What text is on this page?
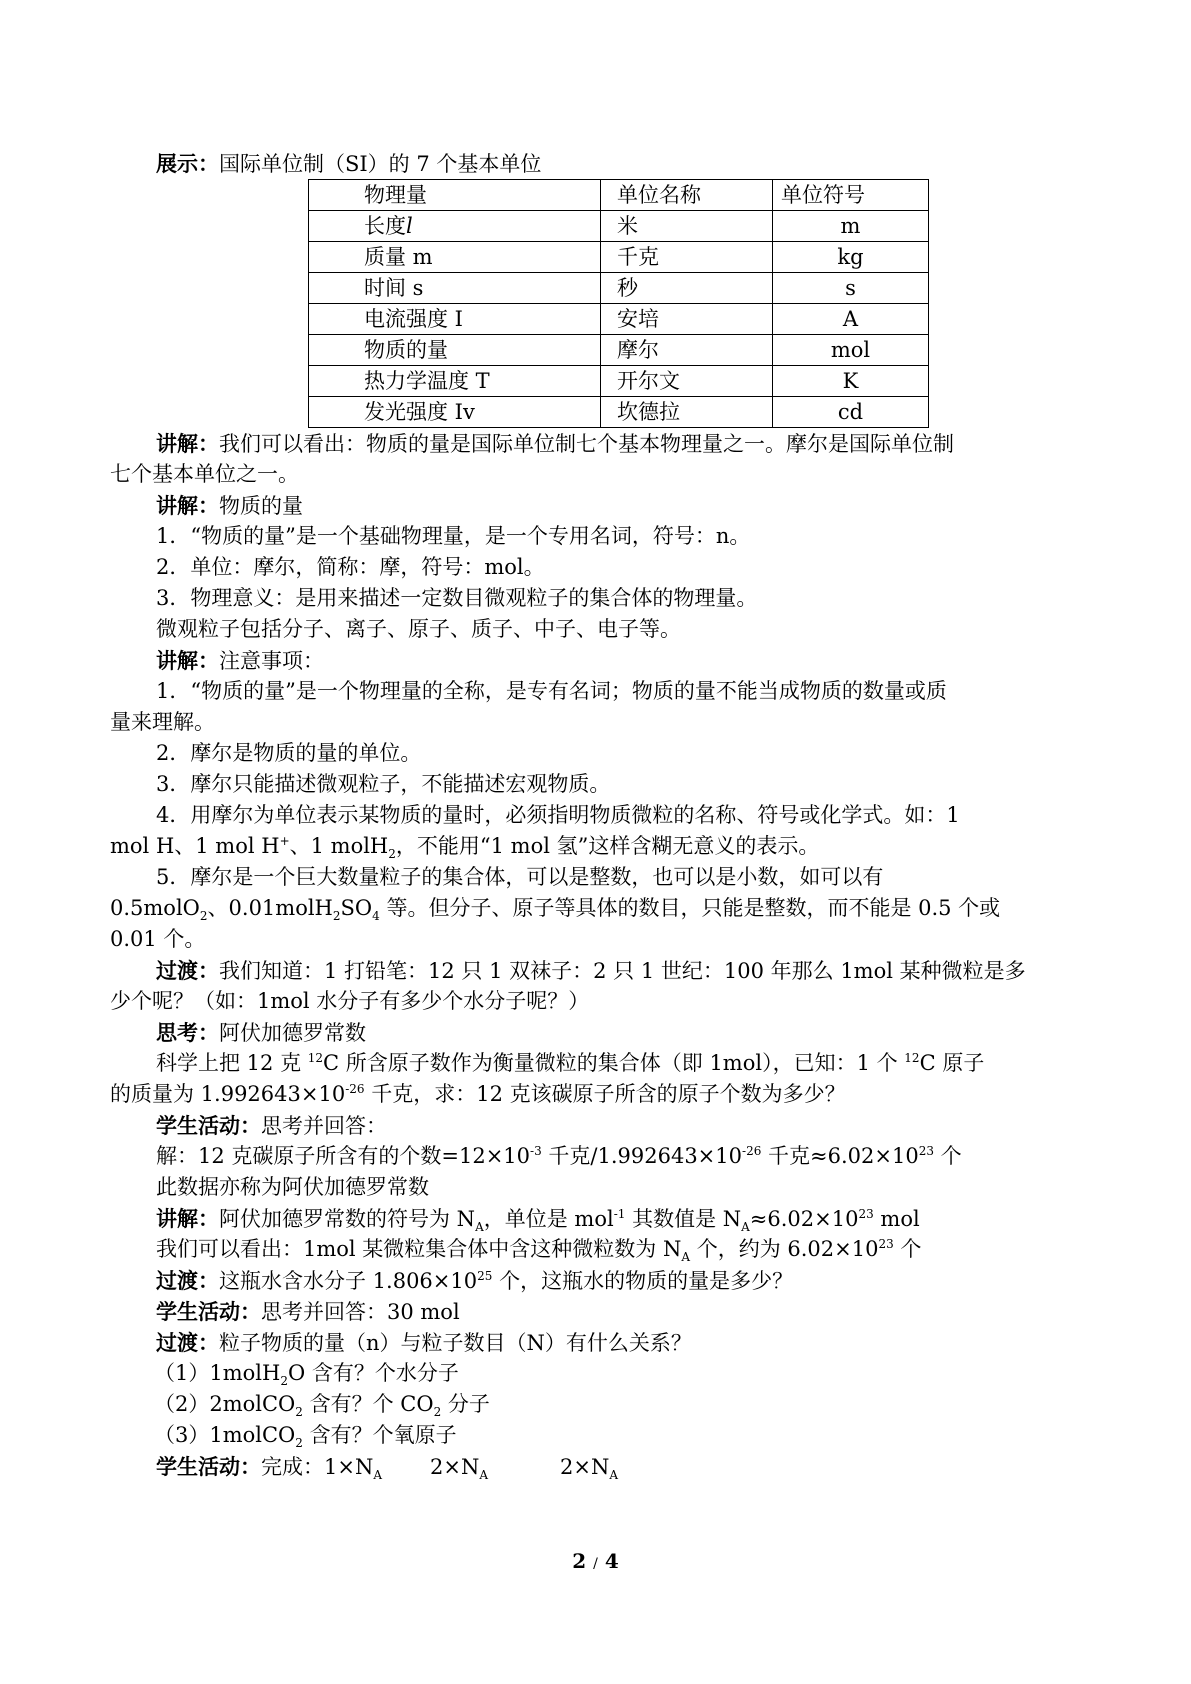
展示：国际单位制（SI）的 7 个基本单位
物理量	单位名称	单位符号
长度l	米	m
质量 m	千克	kg
时间 s	秒	s
电流强度 I	安培	A
物质的量	摩尔	mol
热力学温度 T	开尔文	K
发光强度 Iv	坎德拉	cd
讲解：我们可以看出：物质的量是国际单位制七个基本物理量之一。摩尔是国际单位制
七个基本单位之一。
讲解：物质的量
1．“物质的量”是一个基础物理量，是一个专用名词，符号：n。
2．单位：摩尔，简称：摩，符号：mol。
3．物理意义：是用来描述一定数目微观粒子的集合体的物理量。
微观粒子包括分子、离子、原子、质子、中子、电子等。
讲解：注意事项：
1．“物质的量”是一个物理量的全称，是专有名词；物质的量不能当成物质的数量或质
量来理解。
2．摩尔是物质的量的单位。
3．摩尔只能描述微观粒子，不能描述宏观物质。
4．用摩尔为单位表示某物质的量时，必须指明物质微粒的名称、符号或化学式。如：1
mol H、1 mol H+、1 molH$_2$，不能用“1 mol 氢”这样含糊无意义的表示。
5．摩尔是一个巨大数量粒子的集合体，可以是整数，也可以是小数，如可以有
0.5molO$_2$、$0.01molH_2SO_4$ 等。但分子、原子等具体的数目，只能是整数，而不能是 0.5 个或
0.01 个。
过渡：我们知道：1 打铅笔：12 只 1 双袜子：2 只 1 世纪：100 年那么 1mol 某种微粒是多
少个呢？（如：1mol 水分子有多少个水分子呢？）
思考：阿伏加德罗常数
科学上把 12 克 $^{12}$C 所含原子数作为衡量微粒的集合体（即 1mol），已知：1 个 $^{12}$C 原子
的质量为 $1.992643\times 10^{-26}$ 千克，求：12 克该碳原子所含的原子个数为多少？
学生活动：思考并回答：
解：12 克碳原子所含有的个数$=12\times 10^{-3}$ 千克$/1.992643\times 10^{-26}$ 千克$\approx 6.02\times 10^{23}$ 个
此数据亦称为阿伏加德罗常数
讲解：阿伏加德罗常数的符号为 $N_A$，单位是 mol$^{-1}$ 其数值是 $N_A\approx 6.02\times 10^{23}$ mol
我们可以看出：1mol 某微粒集合体中含这种微粒数为 $N_A$ 个，约为 $6.02\times 10^{23}$ 个
过渡：这瓶水含水分子 $1.806\times 10^{25}$ 个，这瓶水的物质的量是多少？
学生活动：思考并回答：30 mol
过渡：粒子物质的量（n）与粒子数目（N）有什么关系？
（1）1molH$_2$O 含有？个水分子
（2）2molCO$_2$ 含有？个 $CO_2$ 分子
（3）1molCO$_2$ 含有？个氧原子
学生活动：完成：$1\times N_A$ $2\times N_A$	$2\times N_A$
2 / 4
